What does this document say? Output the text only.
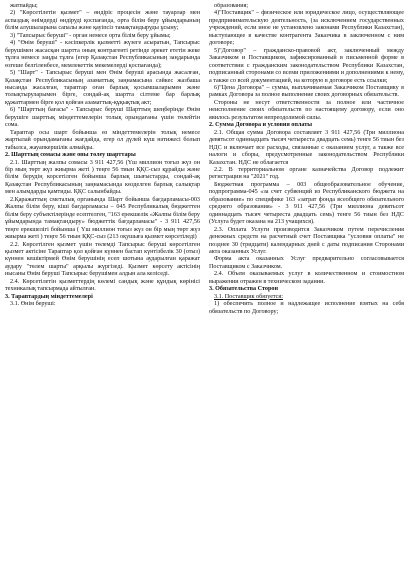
жатпайды;

2) "Көрсетілетін қызмет" – өндіріс процесін және тауарлар мен аспаздық өнімдерді өндіруді қоспағанда, орта білім беру ұйымдарының білім алушыларына сапалы және қауіпсіз тамақтандыруды ұсыну;

3) "Тапсырыс беруші" - орган немесе орта білім беру ұйымы;

4) "Өнім беруші" - кәсіпкерлік қызметті жүзеге асыратын, Тапсырыс берушімен жасасқан шартта оның контрагенті ретінде әрекет ететін жеке тұлға немесе заңды тұлға (егер Қазақстан Республикасының заңдарында өзгеше белгіленбесе, мемлекеттік мекемелерді қоспағанда);

5) "Шарт" - Тапсырыс беруші мен Өнім беруші арасында жасалған, Қазақстан Республикасының азаматтық заңнамасына сәйкес жазбаша нысанда жасалған, тараптар оған барлық қосымшаларымен және толықтыруларымен бірге, сондай-ақ шартта сілтеме бар барлық құжаттармен бірге қол қойған азаматтық-құқықтық акт;

6) "Шарттың бағасы" - Тапсырыс беруші Шарттың шеңберінде Өнім берушіге шарттық міндеттемелерін толық орындағаны үшін төлейтін сома.

Тараптар осы шарт бойынша өз міндеттемелерін толық немесе жартылай орындамағаны жағдайда, егер ол дүлей күш нәтижесі болып табылса, жауапкершілік алмайды.

2. Шарттың сомасы және оны төлеу шарттары

2.1. Шарттың жалпы сомасы 3 911 427,56 (Үш миллион тоғыз жүз он бір мың төрт жүз жиырма жеті ) теңге 56 тиын ҚҚС-сыз құрайды және білім берудің корсетілген бойынша барлық шығыстарды, сондай-ақ Қазақстан Республикасының заңнамасында көзделген барлық салықтар мен алымдарды қамтиды. ҚҚС салынбайды.

2.Қаражаттың сметалық органында Шарт бойынша бағдарламасы-003 Жалпы білім беру, кіші бағдарламасы – 045 Республикалық бюджеттен білім беру субъектілерінде есептелген, "163 ерекшелік «Жалпы білім беру ұйымдарында тамақтандыру» бюджеттік бағдарламасы" - 3 911 427,56 теңге ерекшелігі бойынша ( Үш миллион тоғыз жүз он бір мың төрт жүз жиырма жеті ) теңге 56 тиын ҚҚС-сыз (213 оқушыға қызмет көрсетіледі)

2.2. Көрсетілген қызмет үшін төлемді Тапсырыс беруші көрсетілген қызмет актісіне Тараптар қол қойған күннен бастап күнтізбелік 30 (отыз) күннен кешіктірмей Өнім берушінің есеп шотына аударылған қаражат аудару "төлем шарты" арқылы жүргізеді. Қызмет көрсету актісінің нысаны Өнім беруші Тапсырыс берушімен алдын ала келіседі.

2.4. Көрсетілетін қызметтердің көлемі сандық және құндық көрінісі техникалық тапсырмада айтылған.

3. Тараптардың міндеттемелері

3.1. Өнім беруші:

образования;

4)"Поставщик" – физическое или юридическое лицо, осуществляющее предпринимательскую деятельность, (за исключением государственных учреждений, если иное не установлено законами Республики Казахстан), выступающее в качестве контрагента Заказчика в заключенном с ним договоре;

5)"Договор" – гражданско-правовой акт, заключенный между Заказчиком и Поставщиком, зафиксированный в письменной форме в соответствии с гражданским законодательством Республики Казахстан, подписанный сторонами со всеми приложениями и дополнениями к нему, а также со всей документацией, на которую в договоре есть ссылки;

6)"Цена Договора" – сумма, выплачиваемая Заказчиком Поставщику в рамках Договора за полное выполнение своих договорных обязательств.

Стороны не несут ответственности за полное или частичное неисполнение своих обязательств по настоящему договору, если оно явилось результатом непреодолимой силы.

2. Сумма Договора и условия оплаты

2.1. Общая сумма Договора составляет 3 911 427,56 (Три миллиона девятьсот одиннадцать тысяч четыреста двадцать семь) тенге 56 тиын без НДС и включает все расходы, связанные с оказанием услуг, а также все налоги и сборы, предусмотренные законодательством Республики Казахстан. НДС не облагается

2.2. В территориальном органе казначейства Договор подлежит регистрации на "2021" год.

Бюджетная программа – 003 общеобразовательное обучение, подпрограмма-045 «за счет субвенций из Республиканского бюджета на образование» по специфике 163 «затрат фонда всеобщего обязательного среднего образования» - 3 911 427,56 (Три миллиона девятьсот одиннадцать тысяч четыреста двадцать семь) тенге 56 тиын без НДС (Услуга будет оказана на 213 учащихся).

2.3. Оплата Услуги производится Заказчиком путем перечисления денежных средств на расчетный счет Поставщика "условия оплаты" не позднее 30 (тридцати) календарных дней с даты подписания Сторонами акта оказанных Услуг.

Форма акта оказанных Услуг предварительно согласовывается Поставщиком с Заказчиком.

2.4. Объем оказываемых услуг в количественном и стоимостном выражении отражен в техническом задании.

3. Обязательства Сторон

3.1. Поставщик обязуется:

1) обеспечить полное и надлежащее исполнение взятых на себя обязательств по Договору;
